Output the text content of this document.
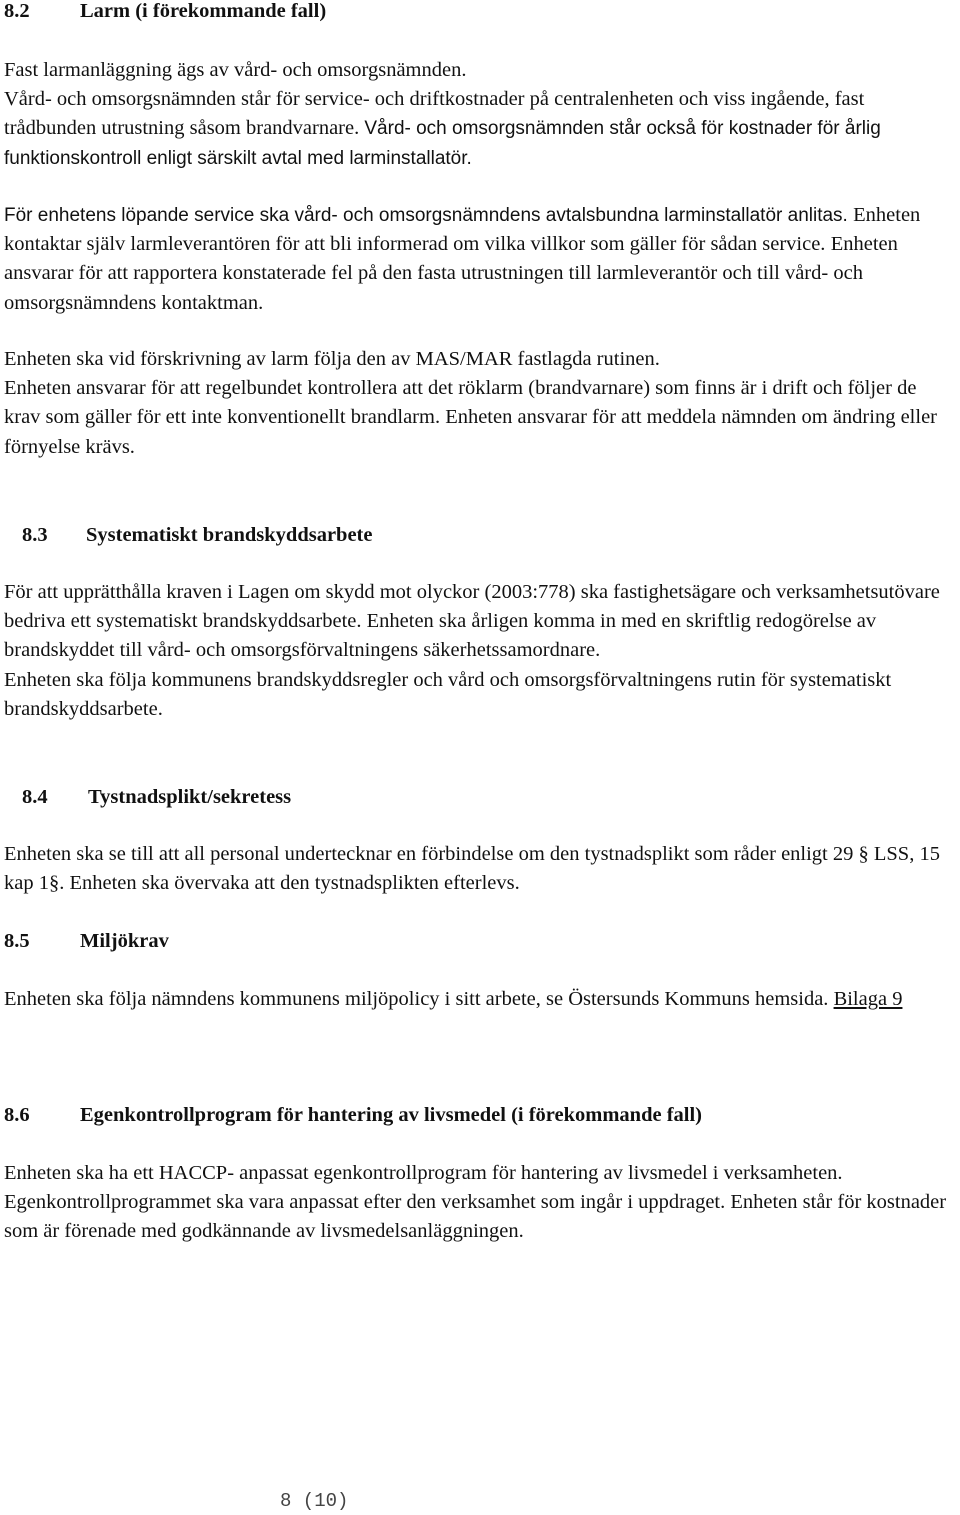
8.2 Larm (i förekommande fall)
Fast larmanläggning ägs av vård- och omsorgsnämnden.
Vård- och omsorgsnämnden står för service- och driftkostnader på centralenheten och viss ingående, fast trådbunden utrustning såsom brandvarnare. Vård- och omsorgsnämnden står också för kostnader för årlig funktionskontroll enligt särskilt avtal med larminstallatör.
För enhetens löpande service ska vård- och omsorgsnämndens avtalsbundna larminstallatör anlitas. Enheten kontaktar själv larmleverantören för att bli informerad om vilka villkor som gäller för sådan service. Enheten ansvarar för att rapportera konstaterade fel på den fasta utrustningen till larmleverantör och till vård- och omsorgsnämndens kontaktman.
Enheten ska vid förskrivning av larm följa den av MAS/MAR fastlagda rutinen.
Enheten ansvarar för att regelbundet kontrollera att det röklarm (brandvarnare) som finns är i drift och följer de krav som gäller för ett inte konventionellt brandlarm. Enheten ansvarar för att meddela nämnden om ändring eller förnyelse krävs.
8.3 Systematiskt brandskyddsarbete
För att upprätthålla kraven i Lagen om skydd mot olyckor (2003:778) ska fastighetsägare och verksamhetsutövare bedriva ett systematiskt brandskyddsarbete. Enheten ska årligen komma in med en skriftlig redogörelse av brandskyddet till vård- och omsorgsförvaltningens säkerhetssamordnare.
Enheten ska följa kommunens brandskyddsregler och vård och omsorgsförvaltningens rutin för systematiskt brandskyddsarbete.
8.4 Tystnadsplikt/sekretess
Enheten ska se till att all personal undertecknar en förbindelse om den tystnadsplikt som råder enligt 29 § LSS, 15 kap 1§. Enheten ska övervaka att den tystnadsplikten efterlevs.
8.5 Miljökrav
Enheten ska följa nämndens kommunens miljöpolicy i sitt arbete, se Östersunds Kommuns hemsida. Bilaga 9
8.6 Egenkontrollprogram för hantering av livsmedel (i förekommande fall)
Enheten ska ha ett HACCP- anpassat egenkontrollprogram för hantering av livsmedel i verksamheten. Egenkontrollprogrammet ska vara anpassat efter den verksamhet som ingår i uppdraget. Enheten står för kostnader som är förenade med godkännande av livsmedelsanläggningen.
8 (10)
